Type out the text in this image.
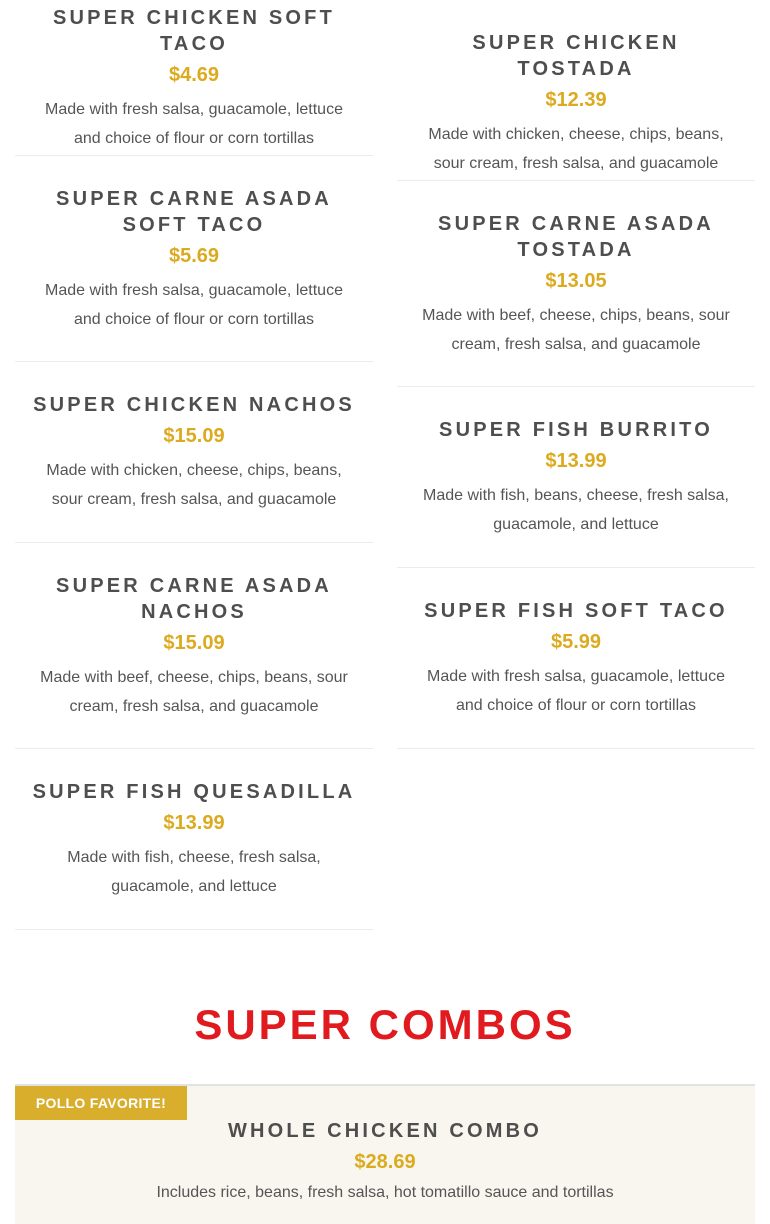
SUPER CHICKEN SOFT TACO
$4.69
Made with fresh salsa, guacamole, lettuce and choice of flour or corn tortillas
SUPER CARNE ASADA SOFT TACO
$5.69
Made with fresh salsa, guacamole, lettuce and choice of flour or corn tortillas
SUPER CHICKEN NACHOS
$15.09
Made with chicken, cheese, chips, beans, sour cream, fresh salsa, and guacamole
SUPER CARNE ASADA NACHOS
$15.09
Made with beef, cheese, chips, beans, sour cream, fresh salsa, and guacamole
SUPER FISH QUESADILLA
$13.99
Made with fish, cheese, fresh salsa, guacamole, and lettuce
SUPER CHICKEN TOSTADA
$12.39
Made with chicken, cheese, chips, beans, sour cream, fresh salsa, and guacamole
SUPER CARNE ASADA TOSTADA
$13.05
Made with beef, cheese, chips, beans, sour cream, fresh salsa, and guacamole
SUPER FISH BURRITO
$13.99
Made with fish, beans, cheese, fresh salsa, guacamole, and lettuce
SUPER FISH SOFT TACO
$5.99
Made with fresh salsa, guacamole, lettuce and choice of flour or corn tortillas
SUPER COMBOS
POLLO FAVORITE!
WHOLE CHICKEN COMBO
$28.69
Includes rice, beans, fresh salsa, hot tomatillo sauce and tortillas
